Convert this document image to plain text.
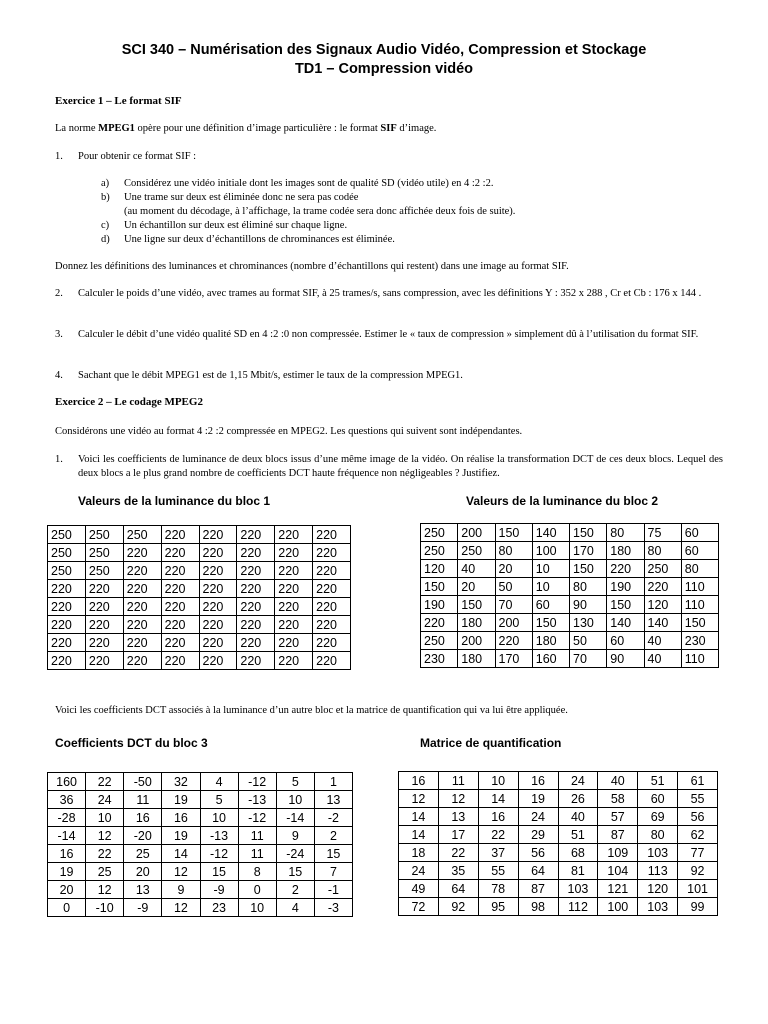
SCI 340 – Numérisation des Signaux Audio Vidéo, Compression et Stockage
TD1 – Compression vidéo
Exercice 1 – Le format SIF
La norme MPEG1 opère pour une définition d’image particulière : le format SIF d’image.
1. Pour obtenir ce format SIF :
a) Considérez une vidéo initiale dont les images sont de qualité SD (vidéo utile) en 4 :2 :2.
b) Une trame sur deux est éliminée donc ne sera pas codée
(au moment du décodage, à l’affichage, la trame codée sera donc affichée deux fois de suite).
c) Un échantillon sur deux est éliminé sur chaque ligne.
d) Une ligne sur deux d’échantillons de chrominances est éliminée.
Donnez les définitions des luminances et chrominances (nombre d’échantillons qui restent) dans une image au format SIF.
2. Calculer le poids d’une vidéo, avec trames au format SIF, à 25 trames/s, sans compression, avec les définitions Y : 352 x 288 , Cr et Cb : 176 x 144 .
3. Calculer le débit d’une vidéo qualité SD en 4 :2 :0 non compressée. Estimer le « taux de compression » simplement dû à l’utilisation du format SIF.
4. Sachant que le débit MPEG1 est de 1,15 Mbit/s, estimer le taux de la compression MPEG1.
Exercice 2 – Le codage MPEG2
Considérons une vidéo au format 4 :2 :2 compressée en MPEG2. Les questions qui suivent sont indépendantes.
1. Voici les coefficients de luminance de deux blocs issus d’une même image de la vidéo. On réalise la transformation DCT de ces deux blocs. Lequel des deux blocs a le plus grand nombre de coefficients DCT haute fréquence non négligeables ? Justifiez.
Valeurs de la luminance du bloc 1	Valeurs de la luminance du bloc 2
250	250	250	220	220	220	220	220
250	250	220	220	220	220	220	220
250	250	220	220	220	220	220	220
220	220	220	220	220	220	220	220
220	220	220	220	220	220	220	220
220	220	220	220	220	220	220	220
220	220	220	220	220	220	220	220
220	220	220	220	220	220	220	220
250	200	150	140	150	80	75	60
250	250	80	100	170	180	80	60
120	40	20	10	150	220	250	80
150	20	50	10	80	190	220	110
190	150	70	60	90	150	120	110
220	180	200	150	130	140	140	150
250	200	220	180	50	60	40	230
230	180	170	160	70	90	40	110
Voici les coefficients DCT associés à la luminance d’un autre bloc et la matrice de quantification qui va lui être appliquée.
Coefficients DCT du bloc 3	Matrice de quantification
160	22	-50	32	4	-12	5	1
36	24	11	19	5	-13	10	13
-28	10	16	16	10	-12	-14	-2
-14	12	-20	19	-13	11	9	2
16	22	25	14	-12	11	-24	15
19	25	20	12	15	8	15	7
20	12	13	9	-9	0	2	-1
0	-10	-9	12	23	10	4	-3
16	11	10	16	24	40	51	61
12	12	14	19	26	58	60	55
14	13	16	24	40	57	69	56
14	17	22	29	51	87	80	62
18	22	37	56	68	109	103	77
24	35	55	64	81	104	113	92
49	64	78	87	103	121	120	101
72	92	95	98	112	100	103	99
